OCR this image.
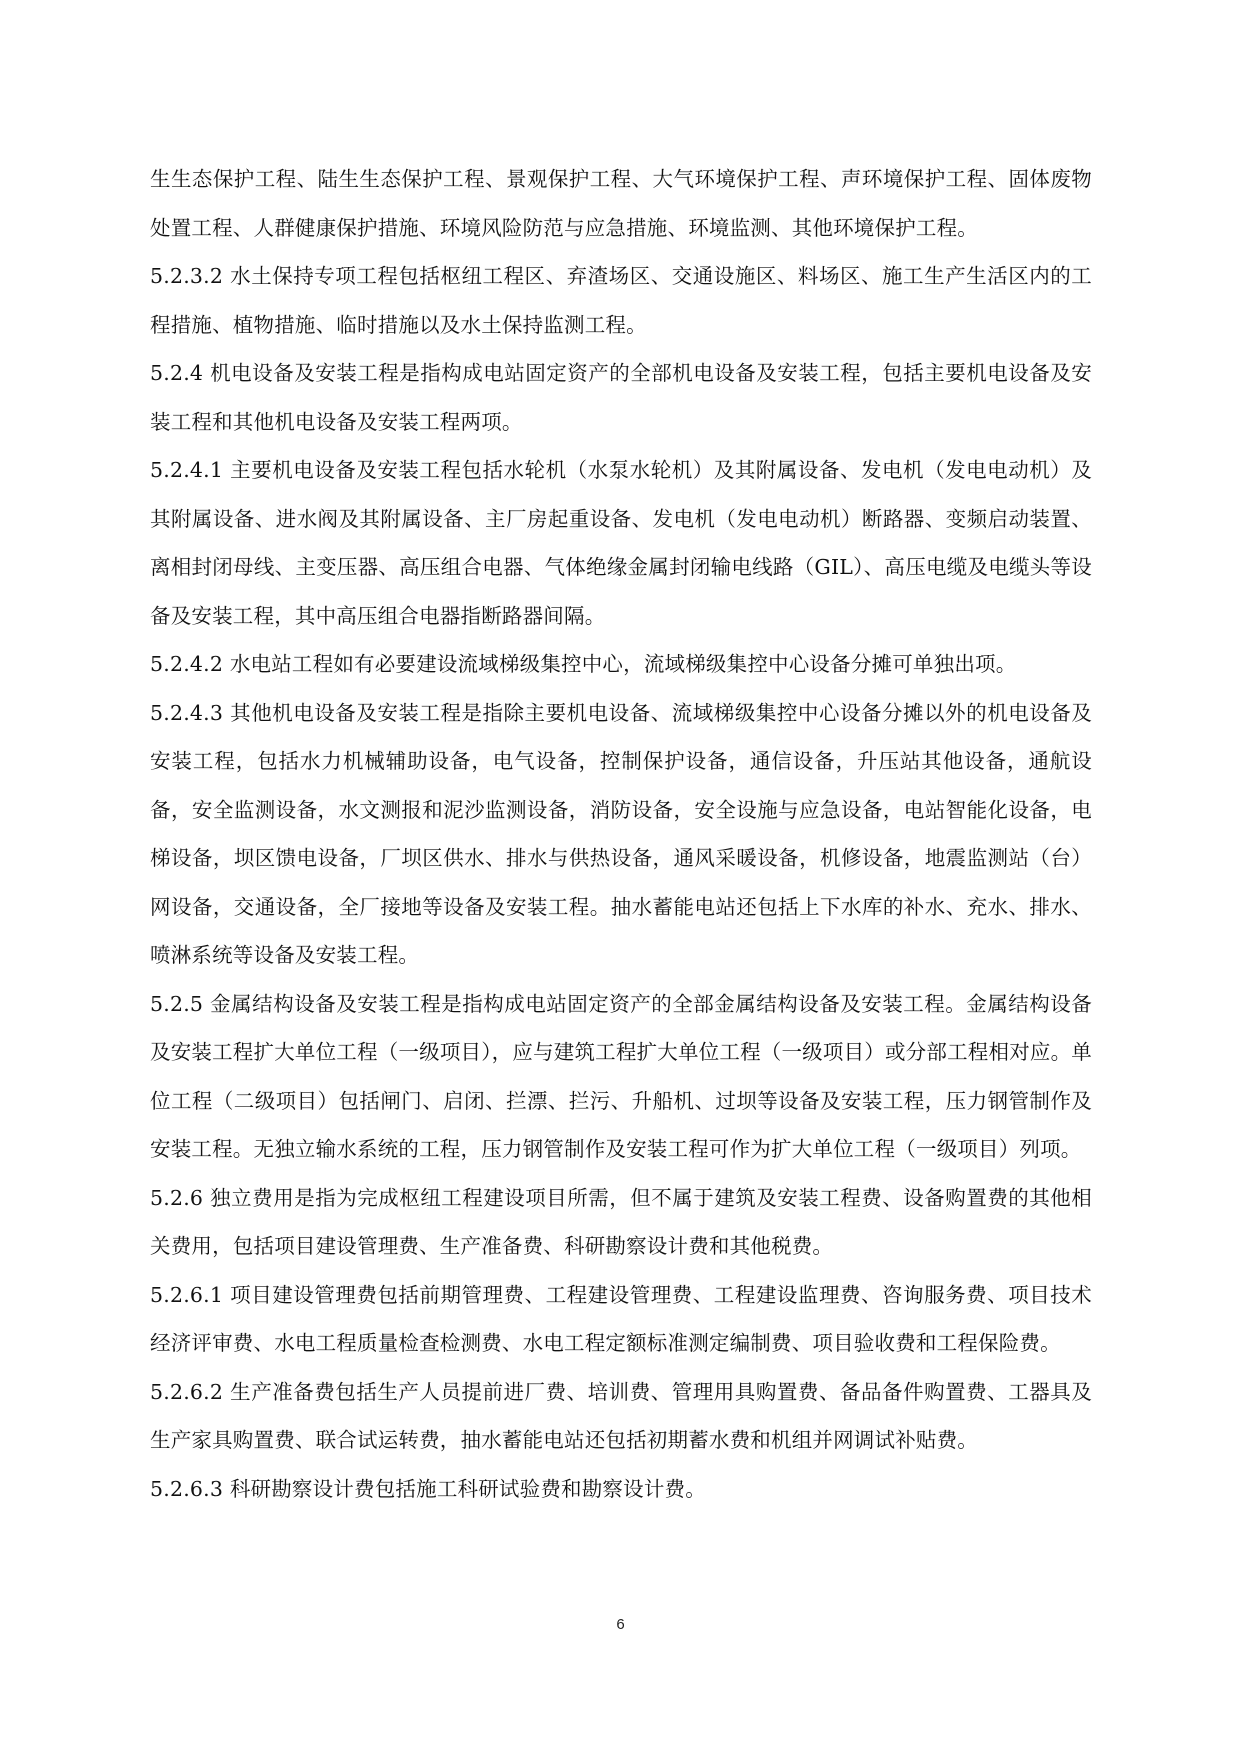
生生态保护工程、陆生生态保护工程、景观保护工程、大气环境保护工程、声环境保护工程、固体废物处置工程、人群健康保护措施、环境风险防范与应急措施、环境监测、其他环境保护工程。

5.2.3.2 水土保持专项工程包括枢纽工程区、弃渣场区、交通设施区、料场区、施工生产生活区内的工程措施、植物措施、临时措施以及水土保持监测工程。

5.2.4 机电设备及安装工程是指构成电站固定资产的全部机电设备及安装工程，包括主要机电设备及安装工程和其他机电设备及安装工程两项。

5.2.4.1 主要机电设备及安装工程包括水轮机（水泵水轮机）及其附属设备、发电机（发电电动机）及其附属设备、进水阀及其附属设备、主厂房起重设备、发电机（发电电动机）断路器、变频启动装置、离相封闭母线、主变压器、高压组合电器、气体绝缘金属封闭输电线路（GIL）、高压电缆及电缆头等设备及安装工程，其中高压组合电器指断路器间隔。

5.2.4.2 水电站工程如有必要建设流域梯级集控中心，流域梯级集控中心设备分摊可单独出项。

5.2.4.3 其他机电设备及安装工程是指除主要机电设备、流域梯级集控中心设备分摊以外的机电设备及安装工程，包括水力机械辅助设备，电气设备，控制保护设备，通信设备，升压站其他设备，通航设备，安全监测设备，水文测报和泥沙监测设备，消防设备，安全设施与应急设备，电站智能化设备，电梯设备，坝区馈电设备，厂坝区供水、排水与供热设备，通风采暖设备，机修设备，地震监测站（台）网设备，交通设备，全厂接地等设备及安装工程。抽水蓄能电站还包括上下水库的补水、充水、排水、喷淋系统等设备及安装工程。

5.2.5 金属结构设备及安装工程是指构成电站固定资产的全部金属结构设备及安装工程。金属结构设备及安装工程扩大单位工程（一级项目），应与建筑工程扩大单位工程（一级项目）或分部工程相对应。单位工程（二级项目）包括闸门、启闭、拦漂、拦污、升船机、过坝等设备及安装工程，压力钢管制作及安装工程。无独立输水系统的工程，压力钢管制作及安装工程可作为扩大单位工程（一级项目）列项。

5.2.6 独立费用是指为完成枢纽工程建设项目所需，但不属于建筑及安装工程费、设备购置费的其他相关费用，包括项目建设管理费、生产准备费、科研勘察设计费和其他税费。

5.2.6.1 项目建设管理费包括前期管理费、工程建设管理费、工程建设监理费、咨询服务费、项目技术经济评审费、水电工程质量检查检测费、水电工程定额标准测定编制费、项目验收费和工程保险费。

5.2.6.2 生产准备费包括生产人员提前进厂费、培训费、管理用具购置费、备品备件购置费、工器具及生产家具购置费、联合试运转费，抽水蓄能电站还包括初期蓄水费和机组并网调试补贴费。

5.2.6.3 科研勘察设计费包括施工科研试验费和勘察设计费。

6
